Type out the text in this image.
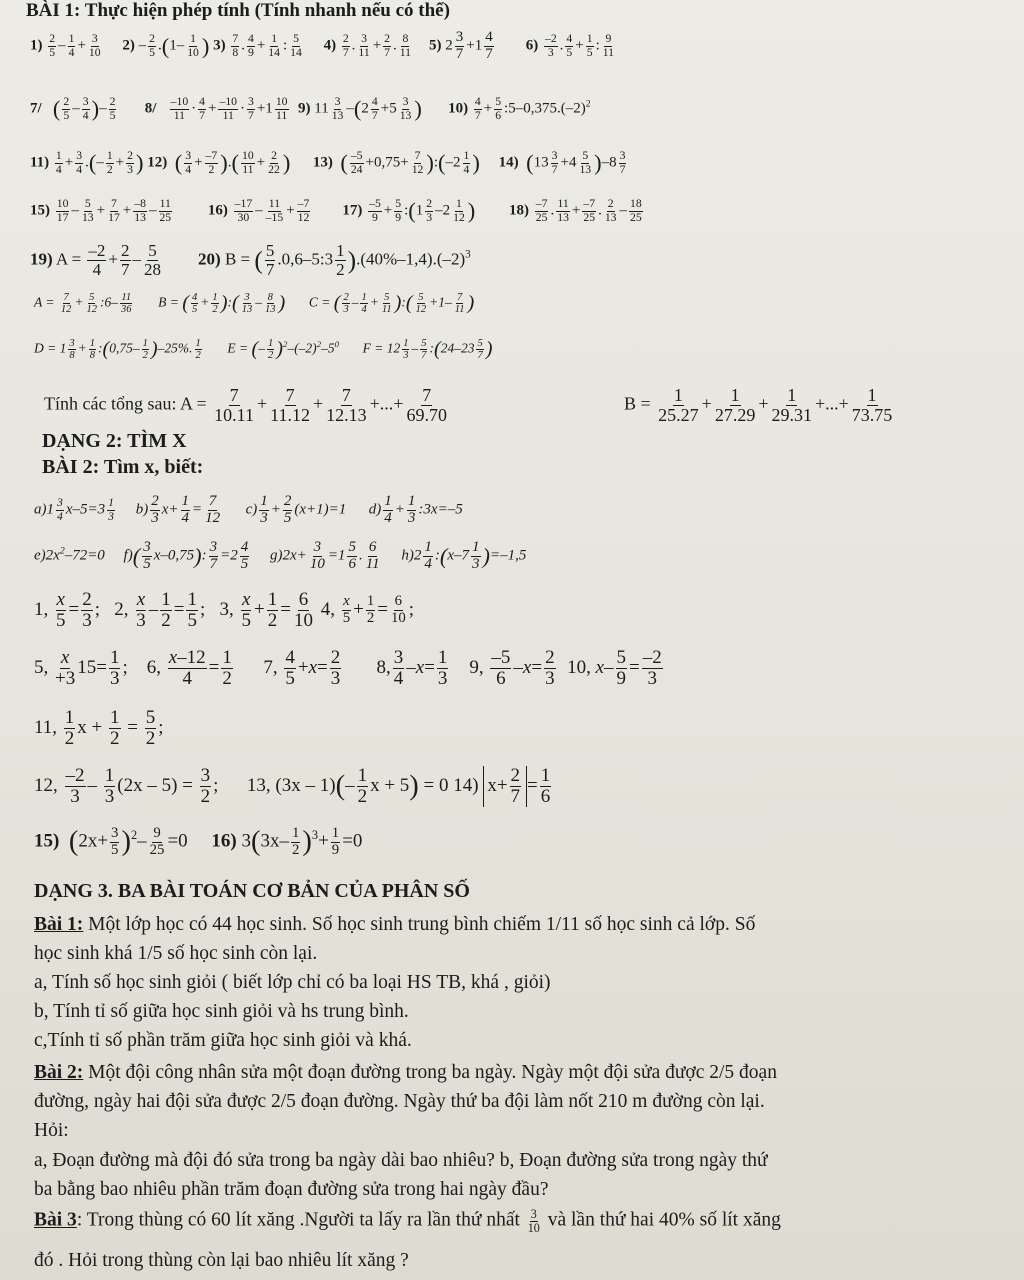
BÀI 1: Thực hiện phép tính (Tính nhanh nếu có thể)
$1) \frac{2}{5} - \frac{1}{4} + \frac{3}{10} 2) - \frac{2}{5} .(1- \frac{1}{10}$ ) $3) \frac{7}{8}$ . $\frac{4}{9} + \frac{1}{14}$ : $\frac{5}{14} 4) \frac{2}{7}$ . $\frac{3}{11} + \frac{2}{7}$ . $\frac{8}{11} 5$) $2 \frac{3}{7} +1 \frac{4}{7} 6) \frac{-2}{3}$ . $\frac{4}{5} + \frac{1}{5}$ : $\frac{9}{11}$
7/ ( $\frac{2}{5} - \frac{3}{4}$ )– $\frac{2}{5} 8/ \frac{-10}{11} \cdot \frac{4}{7} + \frac{-10}{11} \cdot \frac{3}{7} +1 \frac{10}{11} 9$) $11 \frac{3}{13} -(2 \frac{4}{7} +5 \frac{3}{13}$ ) $10) \frac{4}{7} + \frac{5}{6}$ $:5-0,375.(-2)^2$
$11) \frac{1}{4} + \frac{3}{4}$ .(– $\frac{1}{2} + \frac{2}{3}$ ) 12) ( $\frac{3}{4} + \frac{-7}{2}$ ).( $\frac{10}{11} + \frac{2}{22}$ ) 13) ( $\frac{-5}{24} +0,75+ \frac{7}{12}$ ):(–2 $\frac{1}{4}$ ) 14) $(13 \frac{3}{7} +4 \frac{5}{13} )-8 \frac{3}{7}$
$15) \frac{10}{17} - \frac{5}{13} + \frac{7}{17} + \frac{-8}{13} - \frac{11}{25} 16) \frac{-17}{30} - \frac{11}{-15} + \frac{-7}{12} 17) \frac{-5}{9} + \frac{5}{9}$ :(1 $\frac{2}{3} -2 \frac{1}{12}$ ) $18) \frac{-7}{25}$ . $\frac{11}{13} + \frac{-7}{25}$ . $\frac{2}{13} - \frac{18}{25}$
19) $A = \frac{-2}{4} + \frac{2}{7} - \frac{5}{28} 20$) B = ( $\frac{5}{7}$ .0,6–5:3 $\frac{1}{2} ).(40\%-1,4).(-2)^3$
$A = \frac{7}{12} + \frac{5}{12}$ :6– $\frac{11}{36}$ B = ( $\frac{4}{5} + \frac{1}{2}$ ):( $\frac{3}{13} - \frac{8}{13}$ )       C = ( $\frac{2}{3} - \frac{1}{4} + \frac{5}{11}$ ):( $\frac{5}{12} +1- \frac{7}{11}$ )
$D = 1 \frac{3}{8} + \frac{1}{8}$ :(0,75– $\frac{1}{2} )-25\%$. $\frac{1}{2}$ E = (– $\frac{1}{2} )^2-(-2)^2-5^0$       $F = 12 \frac{1}{3} - \frac{5}{7}$ :(24–23 $\frac{5}{7}$ )
Tính các tổng sau: $A = \frac{7}{10.11} + \frac{7}{11.12} + \frac{7}{12.13}$ +...+ $\frac{7}{69.70}$	$B = \frac{1}{25.27} + \frac{1}{27.29} + \frac{1}{29.31}$ +...+ $\frac{1}{73.75}$
DẠNG 2: TÌM X
BÀI 2: Tìm x, biết:
$a)1 \frac{3}{4} x-5=3 \frac{1}{3} b) \frac{2}{3} x+ \frac{1}{4} = \frac{7}{12} c) \frac{1}{3} + \frac{2}{5} (x+1)=1$      $d) \frac{1}{4} + \frac{1}{3}$ :3x=–5
$e)2x^2-72=0$     $f)( \frac{3}{5} x-0,75)$: $\frac{3}{7} =2 \frac{4}{5} g)2x+ \frac{3}{10} =1 \frac{5}{6}$ . $\frac{6}{11} h)2 \frac{1}{4}$ :(x–7 $\frac{1}{3} )=-1,5$
1, $\frac{x}{5} = \frac{2}{3}$ ;   2, $\frac{x}{3} - \frac{1}{2} = \frac{1}{5}$ ;   3, $\frac{x}{5} + \frac{1}{2} = \frac{6}{10} 4$, $\frac{x}{5} + \frac{1}{2} = \frac{6}{10}$ ;
5, x
$+315= \frac{1}{3}$ ;    6, $\frac{x-12}{4} = \frac{1}{2} 7$, $\frac{4}{5} +x= \frac{2}{3} 8$, $\frac{3}{4} -x= \frac{1}{3} 9$, $\frac{-5}{6} -x= \frac{2}{3} 10$, $x- \frac{5}{9} = \frac{-2}{3}$
11, $\frac{1}{2}$ $x + \frac{1}{2} = \frac{5}{2}$ ;
12, $\frac{-2}{3} - \frac{1}{3} (2x - 5) = \frac{3}{2}$ ;      13, $(3x - 1)(- \frac{1}{2}$ x + 5) = 0 14) $x+ \frac{2}{7} = \frac{1}{6}$
15) $(2x+ \frac{3}{5} )^2- \frac{9}{25} =0$     16) $3(3x- \frac{1}{2} )^3+ \frac{1}{9} =0$
DẠNG 3. BA BÀI TOÁN CƠ BẢN CỦA PHÂN SỐ
Bài 1: Một lớp học có 44 học sinh. Số học sinh trung bình chiếm 1/11 số học sinh cả lớp. Số
học sinh khá 1/5 số học sinh còn lại.
a, Tính số học sinh giỏi ( biết lớp chỉ có ba loại HS TB, khá , giỏi)
b, Tính tỉ số giữa học sinh giỏi và hs trung bình.
c,Tính tỉ số phần trăm giữa học sinh giỏi và khá.
Bài 2: Một đội công nhân sửa một đoạn đường trong ba ngày. Ngày một đội sửa được 2/5 đoạn
đường, ngày hai đội sửa được 2/5 đoạn đường. Ngày thứ ba đội làm nốt 210 m đường còn lại.
Hỏi:
a, Đoạn đường mà đội đó sửa trong ba ngày dài bao nhiêu? b, Đoạn đường sửa trong ngày thứ
ba bằng bao nhiêu phần trăm đoạn đường sửa trong hai ngày đầu?
Bài 3: Trong thùng có 60 lít xăng .Người ta lấy ra lần thứ nhất $\frac{3}{10}$ và lần thứ hai 40% số lít xăng
đó . Hỏi trong thùng còn lại bao nhiêu lít xăng ?
